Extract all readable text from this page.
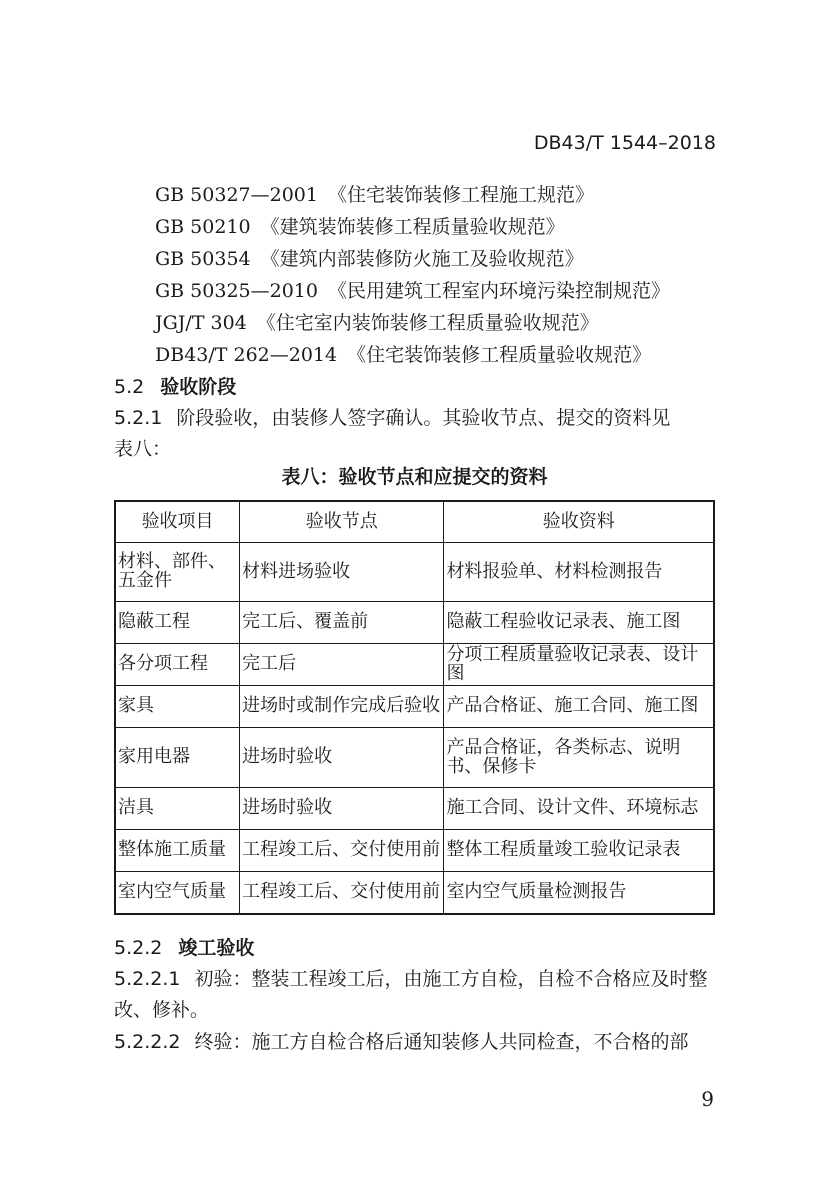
DB43/T 1544–2018
GB 50327—2001 《住宅装饰装修工程施工规范》
GB 50210 《建筑装饰装修工程质量验收规范》
GB 50354 《建筑内部装修防火施工及验收规范》
GB 50325—2010 《民用建筑工程室内环境污染控制规范》
JGJ/T 304 《住宅室内装饰装修工程质量验收规范》
DB43/T 262—2014 《住宅装饰装修工程质量验收规范》
5.2 验收阶段
5.2.1 阶段验收，由装修人签字确认。其验收节点、提交的资料见
表八：
表八：验收节点和应提交的资料
验收项目	验收节点	验收资料
材料、部件、五金件	材料进场验收	材料报验单、材料检测报告
隐蔽工程	完工后、覆盖前	隐蔽工程验收记录表、施工图
各分项工程	完工后	分项工程质量验收记录表、设计图
家具	进场时或制作完成后验收	产品合格证、施工合同、施工图
家用电器	进场时验收	产品合格证，各类标志、说明书、保修卡
洁具	进场时验收	施工合同、设计文件、环境标志
整体施工质量	工程竣工后、交付使用前	整体工程质量竣工验收记录表
室内空气质量	工程竣工后、交付使用前	室内空气质量检测报告
5.2.2 竣工验收
5.2.2.1 初验：整装工程竣工后，由施工方自检，自检不合格应及时整
改、修补。
5.2.2.2 终验：施工方自检合格后通知装修人共同检查，不合格的部
9
